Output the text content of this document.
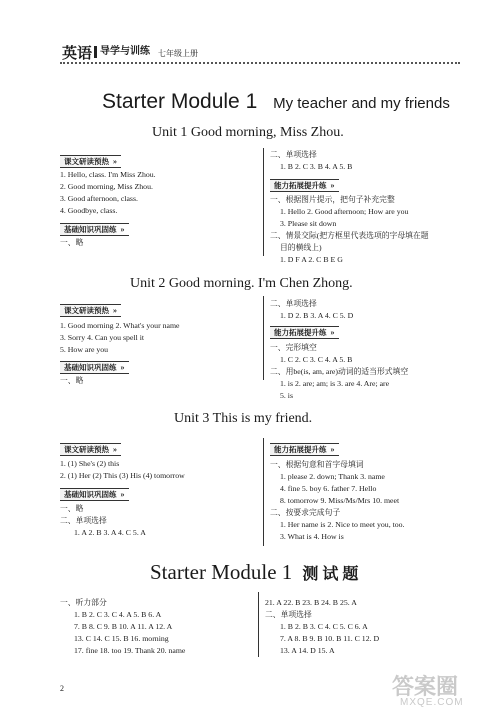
英语 导学与训练 七年级上册
Starter Module 1 My teacher and my friends
Unit 1 Good morning, Miss Zhou.
课文研读预热 »
1. Hello, class. I'm Miss Zhou.
2. Good morning, Miss Zhou.
3. Good afternoon, class.
4. Goodbye, class.
基础知识巩固练 »
一、略
二、单项选择
1. B 2. C 3. B 4. A 5. B
能力拓展提升练 »
一、根据图片提示，把句子补充完整
1. Hello 2. Good afternoon; How are you
3. Please sit down
二、情景交际(把方框里代表选项的字母填在题
目的横线上)
1. D F A 2. C B E G
Unit 2 Good morning. I'm Chen Zhong.
课文研读预热 »
1. Good morning 2. What's your name
3. Sorry 4. Can you spell it
5. How are you
基础知识巩固练 »
一、略
二、单项选择
1. D 2. B 3. A 4. C 5. D
能力拓展提升练 »
一、完形填空
1. C 2. C 3. C 4. A 5. B
二、用be(is, am, are)动词的适当形式填空
1. is 2. are; am; is 3. are 4. Are; are
5. is
Unit 3 This is my friend.
课文研读预热 »
1. (1) She's (2) this
2. (1) Her (2) This (3) His (4) tomorrow
基础知识巩固练 »
一、略
二、单项选择
1. A 2. B 3. A 4. C 5. A
能力拓展提升练 »
一、根据句意和首字母填词
1. please 2. down; Thank 3. name
4. fine 5. boy 6. father 7. Hello
8. tomorrow 9. Miss/Ms/Mrs 10. meet
二、按要求完成句子
1. Her name is 2. Nice to meet you, too.
3. What is 4. How is
Starter Module 1 测试题
一、听力部分
1. B 2. C 3. C 4. A 5. B 6. A
7. B 8. C 9. B 10. A 11. A 12. A
13. C 14. C 15. B 16. morning
17. fine 18. too 19. Thank 20. name
21. A 22. B 23. B 24. B 25. A
二、单项选择
1. B 2. B 3. C 4. C 5. C 6. A
7. A 8. B 9. B 10. B 11. C 12. D
13. A 14. D 15. A
2	答案圈
MXQE.COM
